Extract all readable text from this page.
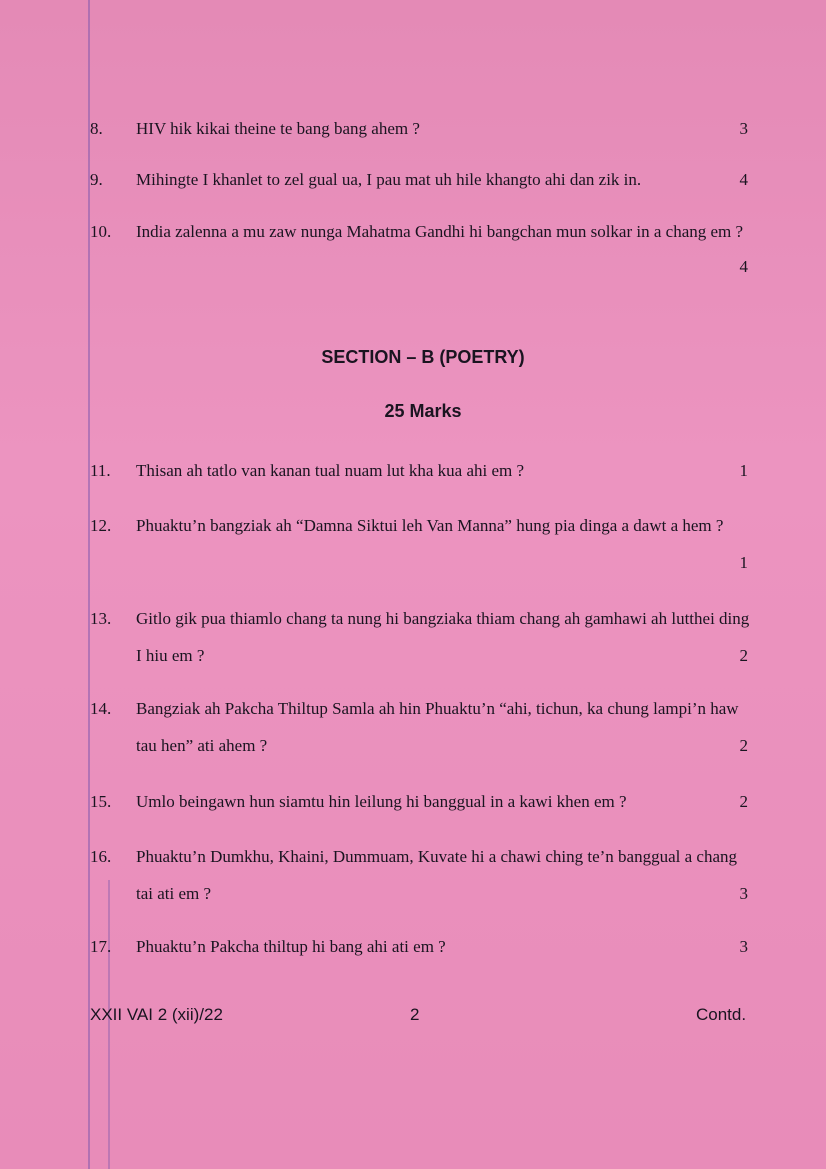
8. HIV hik kikai theine te bang bang ahem ?	3
9. Mihingte I khanlet to zel gual ua, I pau mat uh hile khangto ahi dan zik in.	4
10. India zalenna a mu zaw nunga Mahatma Gandhi hi bangchan mun solkar in a chang em ?
4
SECTION – B (POETRY)
25 Marks
11. Thisan ah tatlo van kanan tual nuam lut kha kua ahi em ?	1
12. Phuaktu’n bangziak ah “Damna Siktui leh Van Manna” hung pia dinga a dawt a hem ?
1
13. Gitlo gik pua thiamlo chang ta nung hi bangziaka thiam chang ah gamhawi ah lutthei ding I hiu em ?	2
14. Bangziak ah Pakcha Thiltup Samla ah hin Phuaktu’n “ahi, tichun, ka chung lampi’n haw tau hen” ati ahem ?	2
15. Umlo beingawn hun siamtu hin leilung hi banggual in a kawi khen em ?	2
16. Phuaktu’n Dumkhu, Khaini, Dummuam, Kuvate hi a chawi ching te’n banggual a chang tai ati em ?	3
17. Phuaktu’n Pakcha thiltup hi bang ahi ati em ?	3
XXII VAI 2 (xii)/22	2	Contd.
